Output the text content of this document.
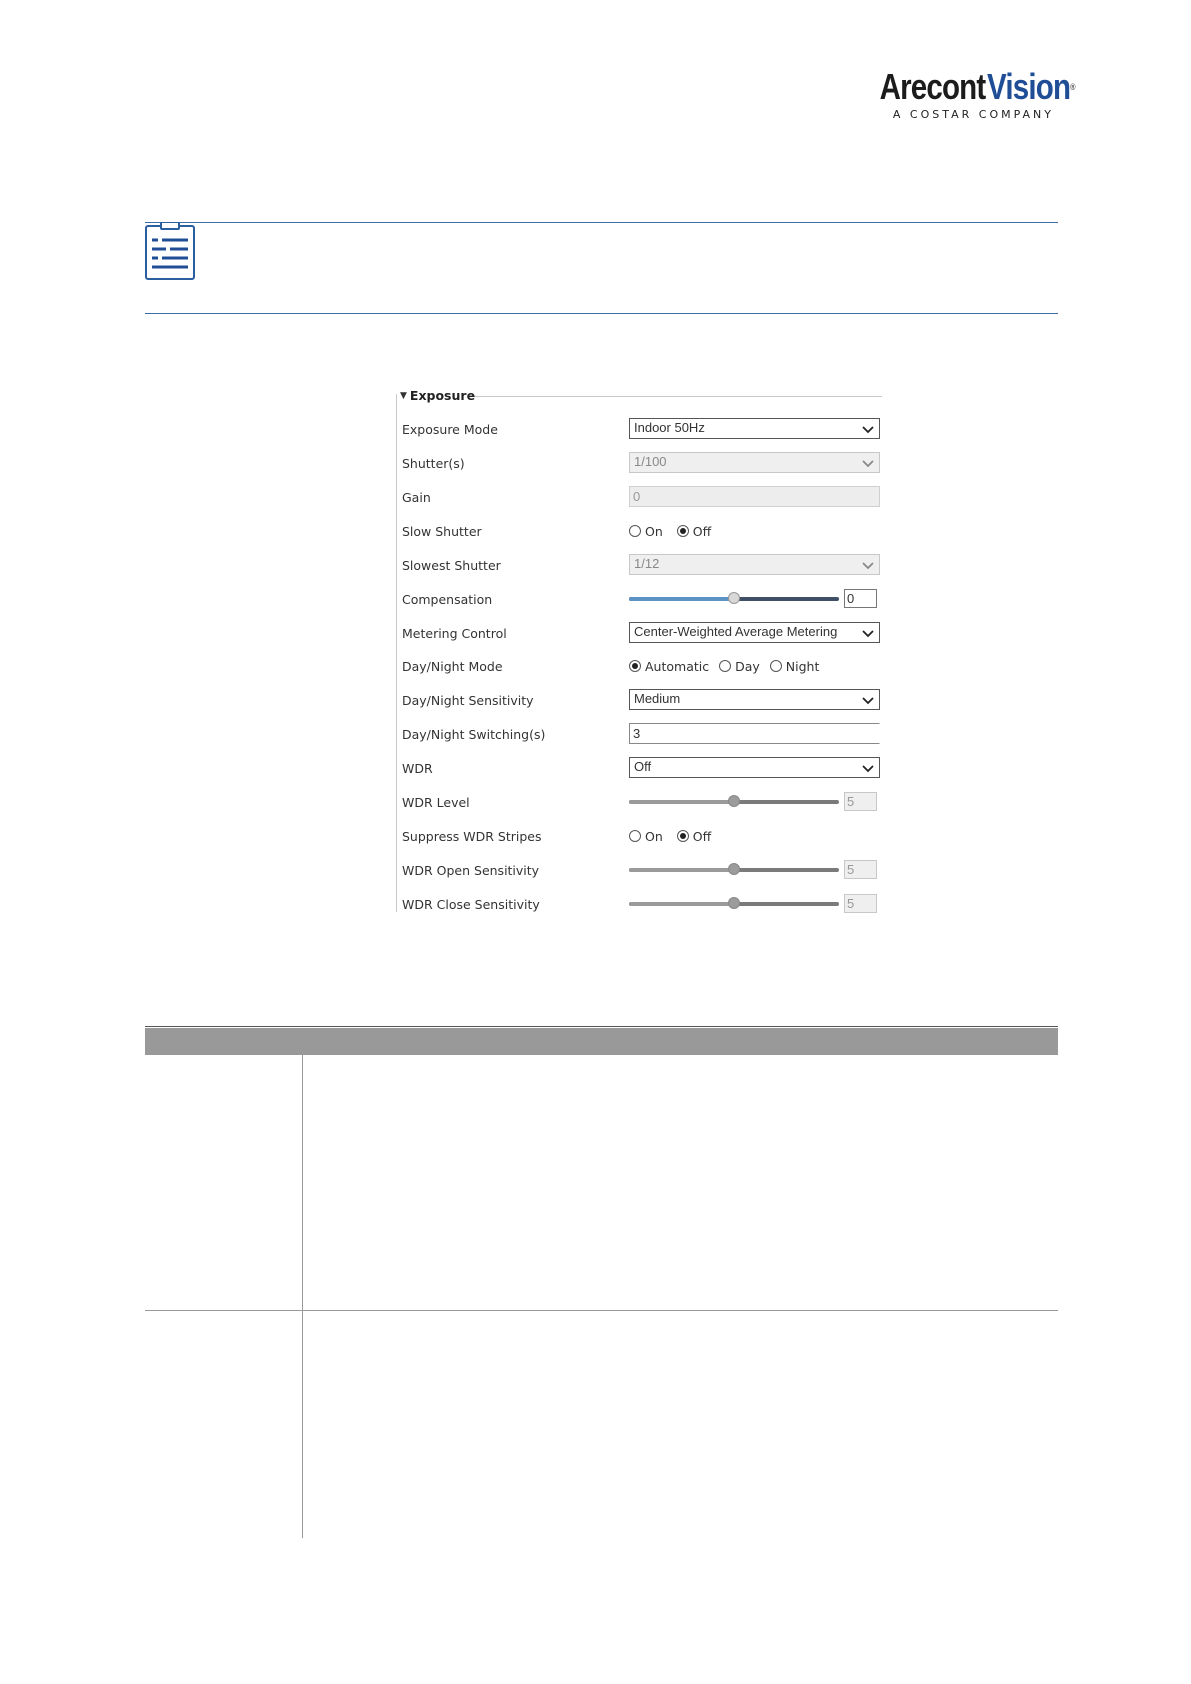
Arecont Vision®
A COSTAR COMPANY
▼ Exposure
Exposure Mode	Indoor 50Hz
Shutter(s)	1/100
Gain	0
Slow Shutter	On Off
Slowest Shutter	1/12
Compensation	0
Metering Control	Center-Weighted Average Metering
Day/Night Mode	Automatic Day Night
Day/Night Sensitivity	Medium
Day/Night Switching(s)	3
WDR	Off
WDR Level	5
Suppress WDR Stripes	On Off
WDR Open Sensitivity	5
WDR Close Sensitivity	5
